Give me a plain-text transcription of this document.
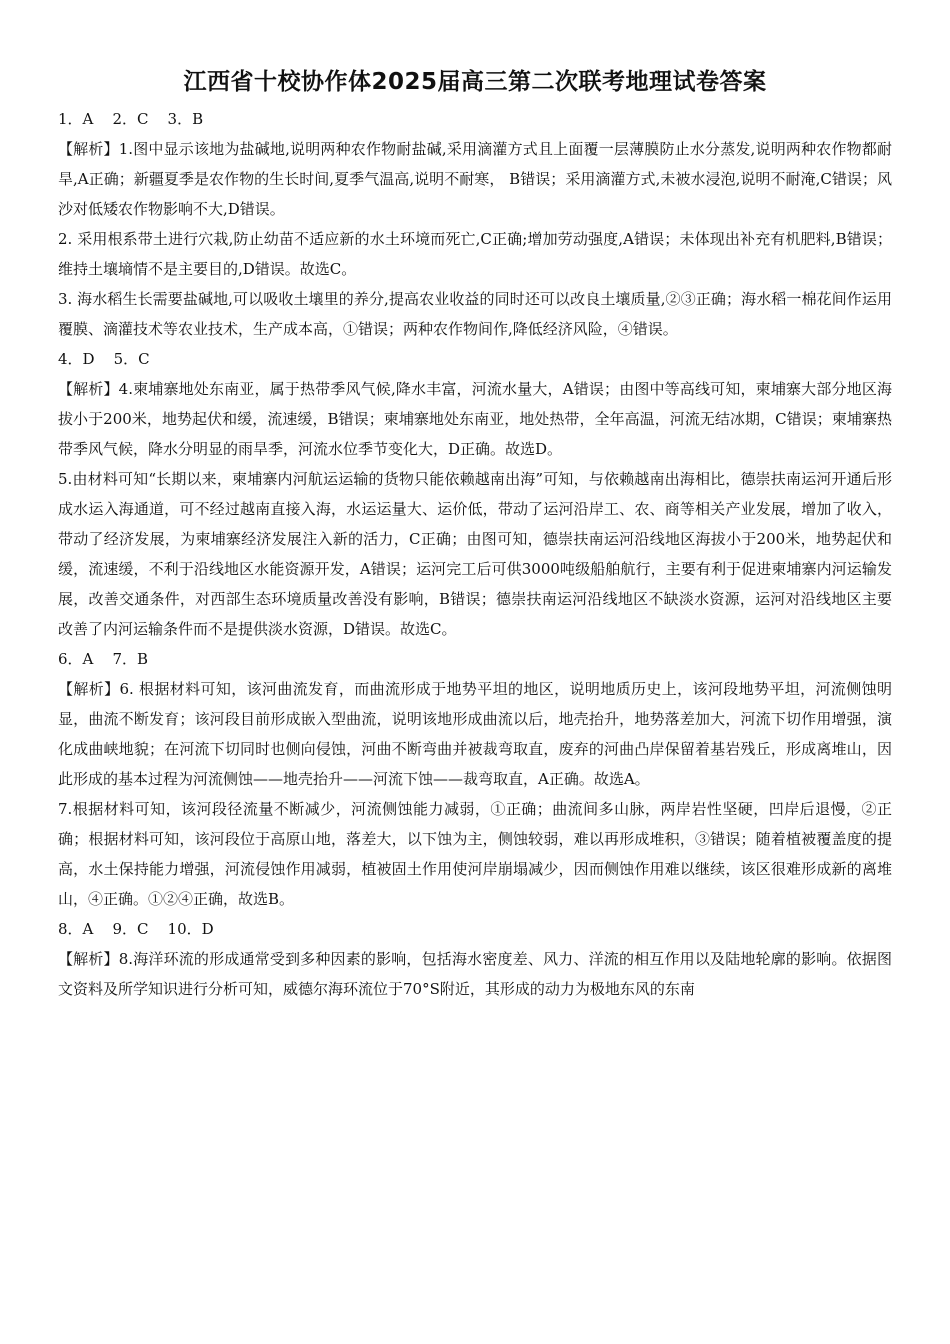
江西省十校协作体2025届高三第二次联考地理试卷答案

1．A    2．C    3．B

【解析】1.图中显示该地为盐碱地,说明两种农作物耐盐碱,采用滴灌方式且上面覆一层薄膜防止水分蒸发,说明两种农作物都耐旱,A正确；新疆夏季是农作物的生长时间,夏季气温高,说明不耐寒， B错误；采用滴灌方式,未被水浸泡,说明不耐淹,C错误；风沙对低矮农作物影响不大,D错误。

2. 采用根系带土进行穴栽,防止幼苗不适应新的水土环境而死亡,C正确;增加劳动强度,A错误；未体现出补充有机肥料,B错误；维持土壤墒情不是主要目的,D错误。故选C。

3. 海水稻生长需要盐碱地,可以吸收土壤里的养分,提高农业收益的同时还可以改良土壤质量,②③正确；海水稻一棉花间作运用覆膜、滴灌技术等农业技术，生产成本高，①错误；两种农作物间作,降低经济风险，④错误。

4．D    5．C

【解析】4.柬埔寨地处东南亚，属于热带季风气候,降水丰富，河流水量大，A错误；由图中等高线可知，柬埔寨大部分地区海拔小于200米，地势起伏和缓，流速缓，B错误；柬埔寨地处东南亚，地处热带，全年高温，河流无结冰期，C错误；柬埔寨热带季风气候，降水分明显的雨旱季，河流水位季节变化大，D正确。故选D。

5.由材料可知“长期以来，柬埔寨内河航运运输的货物只能依赖越南出海”可知，与依赖越南出海相比，德崇扶南运河开通后形成水运入海通道，可不经过越南直接入海，水运运量大、运价低，带动了运河沿岸工、农、商等相关产业发展，增加了收入，带动了经济发展，为柬埔寨经济发展注入新的活力，C正确；由图可知，德崇扶南运河沿线地区海拔小于200米，地势起伏和缓，流速缓，不利于沿线地区水能资源开发，A错误；运河完工后可供3000吨级船舶航行，主要有利于促进柬埔寨内河运输发展，改善交通条件，对西部生态环境质量改善没有影响，B错误；德崇扶南运河沿线地区不缺淡水资源，运河对沿线地区主要改善了内河运输条件而不是提供淡水资源，D错误。故选C。

6．A    7．B

【解析】6. 根据材料可知，该河曲流发育，而曲流形成于地势平坦的地区，说明地质历史上，该河段地势平坦，河流侧蚀明显，曲流不断发育；该河段目前形成嵌入型曲流，说明该地形成曲流以后，地壳抬升，地势落差加大，河流下切作用增强，演化成曲峡地貌；在河流下切同时也侧向侵蚀，河曲不断弯曲并被裁弯取直，废弃的河曲凸岸保留着基岩残丘，形成离堆山，因此形成的基本过程为河流侧蚀——地壳抬升——河流下蚀——裁弯取直，A正确。故选A。

7.根据材料可知，该河段径流量不断减少，河流侧蚀能力减弱，①正确；曲流间多山脉，两岸岩性坚硬，凹岸后退慢，②正确；根据材料可知，该河段位于高原山地，落差大，以下蚀为主，侧蚀较弱，难以再形成堆积，③错误；随着植被覆盖度的提高，水土保持能力增强，河流侵蚀作用减弱，植被固土作用使河岸崩塌减少，因而侧蚀作用难以继续，该区很难形成新的离堆山，④正确。①②④正确，故选B。

8．A    9．C    10．D

【解析】8.海洋环流的形成通常受到多种因素的影响，包括海水密度差、风力、洋流的相互作用以及陆地轮廓的影响。依据图文资料及所学知识进行分析可知，威德尔海环流位于70°S附近，其形成的动力为极地东风的东南
